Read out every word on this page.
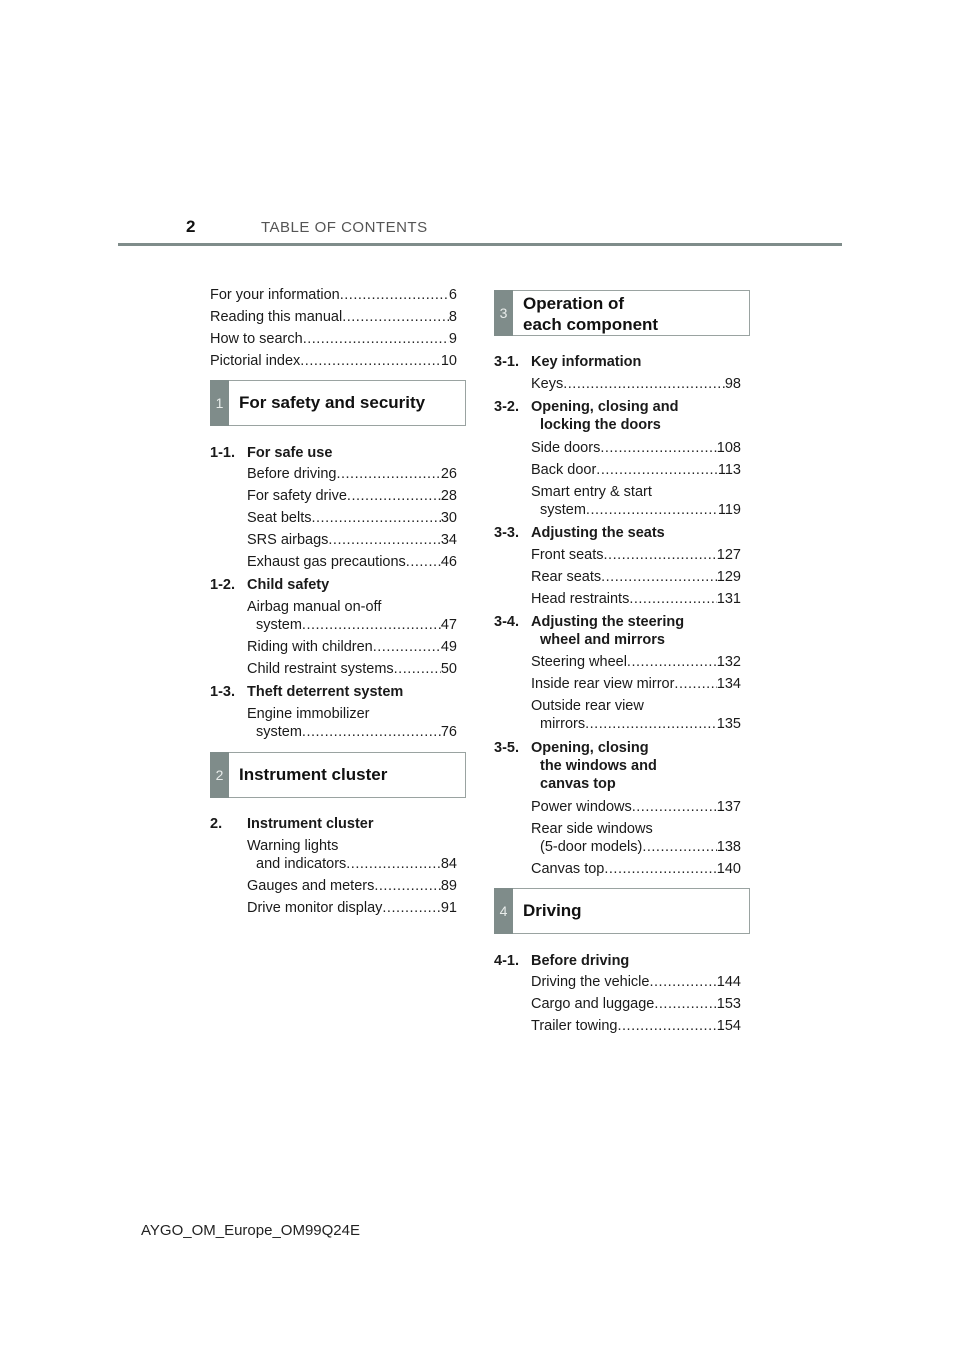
2	TABLE OF CONTENTS
For your information .....	6
Reading this manual .....	8
How to search .....	9
Pictorial index .....	10
1 For safety and security
1-1. For safe use
Before driving .....	26
For safety drive .....	28
Seat belts .....	30
SRS airbags .....	34
Exhaust gas precautions ..... 46
1-2. Child safety
Airbag manual on-off
system .....	47
Riding with children .....	49
Child restraint systems .....	50
1-3. Theft deterrent system
Engine immobilizer
system .....	76
2 Instrument cluster
2. Instrument cluster
Warning lights
and indicators .....	84
Gauges and meters .....	89
Drive monitor display .....	91
3 Operation of
each component
3-1. Key information
Keys .....	98
3-2. Opening, closing and
locking the doors
Side doors .....	108
Back door .....	113
Smart entry & start
system .....	119
3-3. Adjusting the seats
Front seats .....	127
Rear seats .....	129
Head restraints .....	131
3-4. Adjusting the steering
wheel and mirrors
Steering wheel .....	132
Inside rear view mirror .....	134
Outside rear view
mirrors .....	135
3-5. Opening, closing
the windows and
canvas top
Power windows .....	137
Rear side windows
(5-door models) .....	138
Canvas top .....	140
4 Driving
4-1. Before driving
Driving the vehicle .....	144
Cargo and luggage .....	153
Trailer towing .....	154
AYGO_OM_Europe_OM99Q24E
